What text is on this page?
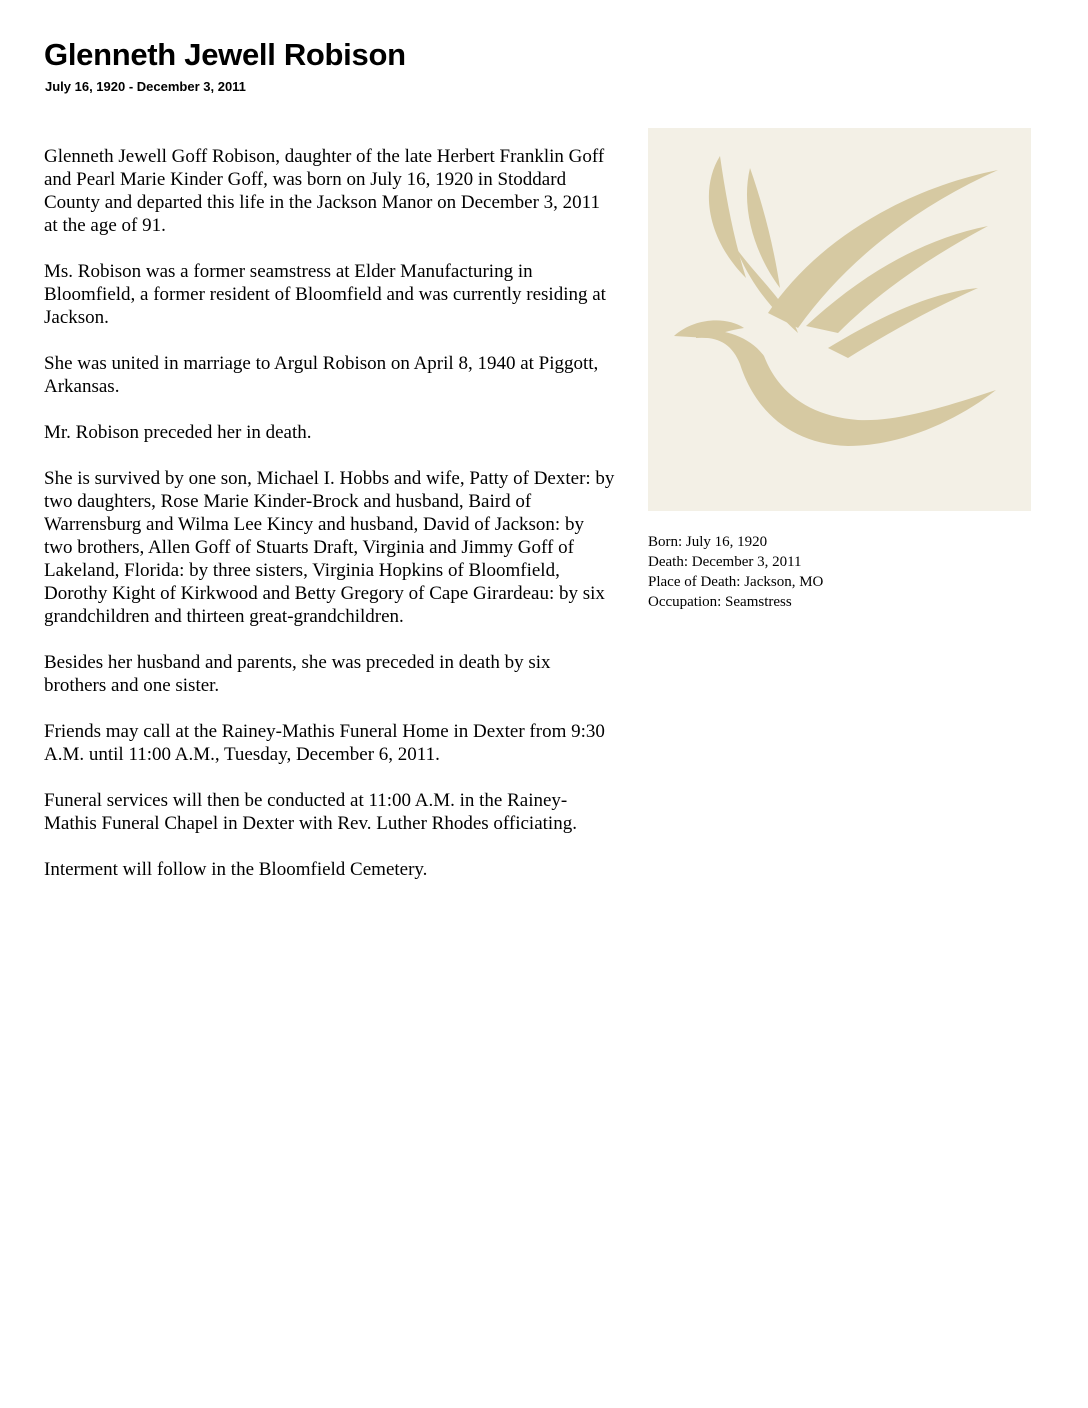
Glenneth Jewell Robison
July 16, 1920 - December 3, 2011

Glenneth Jewell Goff Robison, daughter of the late Herbert Franklin Goff and Pearl Marie Kinder Goff, was born on July 16, 1920 in Stoddard County and departed this life in the Jackson Manor on December 3, 2011 at the age of 91.

Ms. Robison was a former seamstress at Elder Manufacturing in Bloomfield, a former resident of Bloomfield and was currently residing at Jackson.

She was united in marriage to Argul Robison on April 8, 1940 at Piggott, Arkansas.

Mr. Robison preceded her in death.

She is survived by one son, Michael I. Hobbs and wife, Patty of Dexter: by two daughters, Rose Marie Kinder-Brock and husband, Baird of Warrensburg and Wilma Lee Kincy and husband, David of Jackson: by two brothers, Allen Goff of Stuarts Draft, Virginia and Jimmy Goff of Lakeland, Florida: by three sisters, Virginia Hopkins of Bloomfield, Dorothy Kight of Kirkwood and Betty Gregory of Cape Girardeau: by six grandchildren and thirteen great-grandchildren.

Besides her husband and parents, she was preceded in death by six brothers and one sister.

Friends may call at the Rainey-Mathis Funeral Home in Dexter from 9:30 A.M. until 11:00 A.M., Tuesday, December 6, 2011.

Funeral services will then be conducted at 11:00 A.M. in the Rainey-Mathis Funeral Chapel in Dexter with Rev. Luther Rhodes officiating.

Interment will follow in the Bloomfield Cemetery.

Born: July 16, 1920
Death: December 3, 2011
Place of Death: Jackson, MO
Occupation: Seamstress
